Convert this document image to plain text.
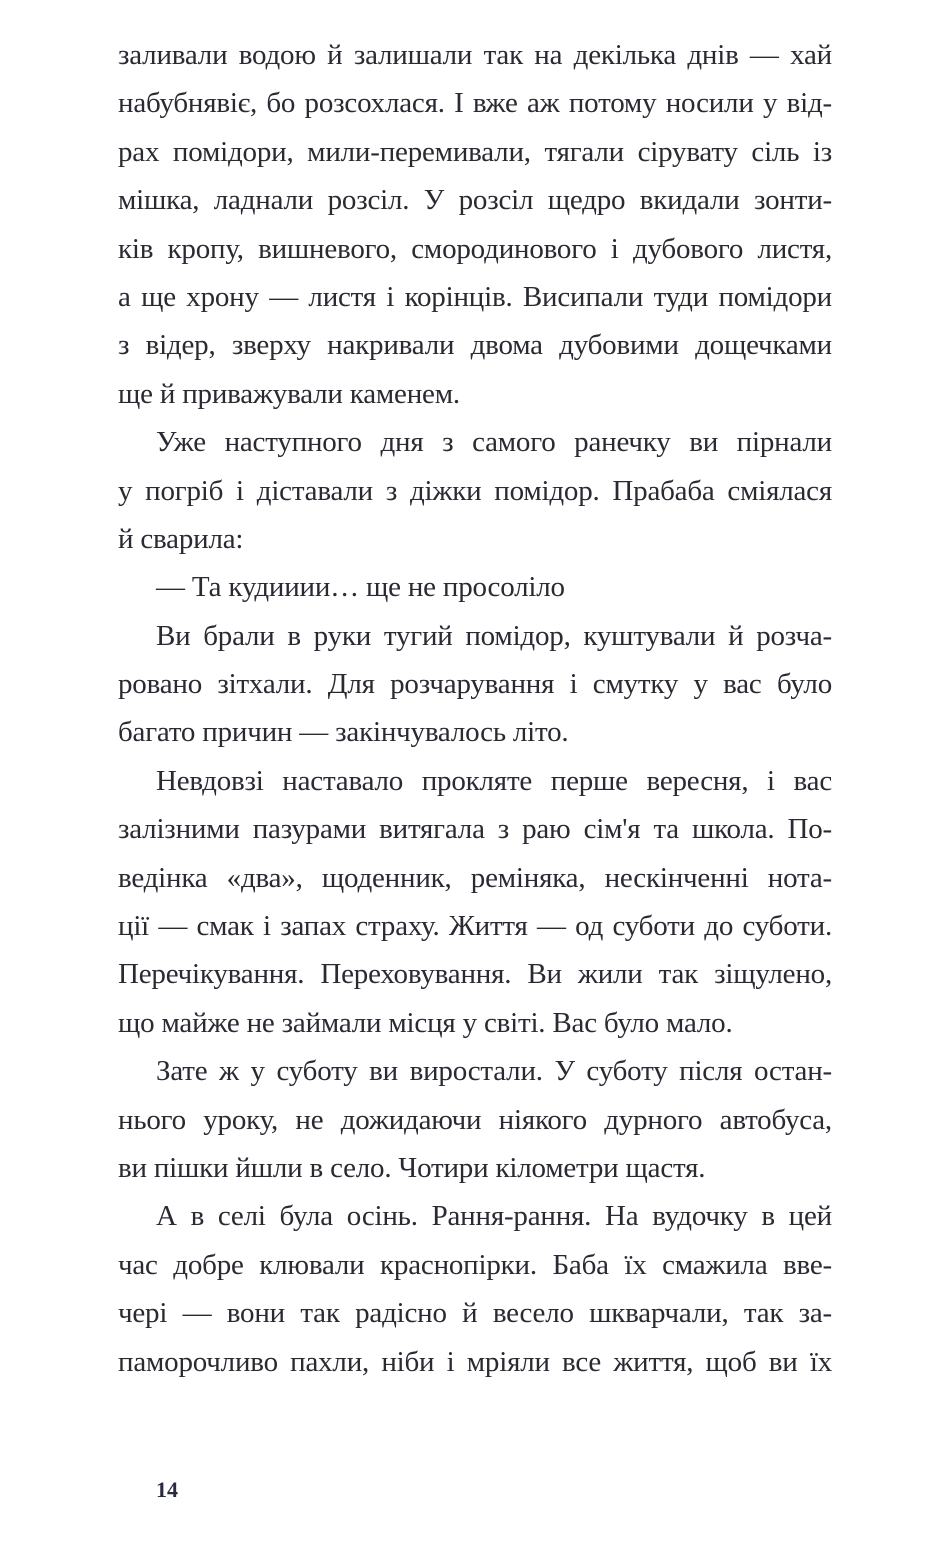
заливали водою й залишали так на декілька днів — хай
набубнявіє, бо розсохлася. І вже аж потому носили у від-
рах помідори, мили-перемивали, тягали сірувату сіль із
мішка, ладнали розсіл. У розсіл щедро вкидали зонти-
ків кропу, вишневого, смородинового і дубового листя,
а ще хрону — листя і корінців. Висипали туди помідори
з відер, зверху накривали двома дубовими дощечками
ще й приважували каменем.
Уже наступного дня з самого ранечку ви пірнали
у погріб і діставали з діжки помідор. Прабаба сміялася
й сварила:
— Та кудииии… ще не просоліло
Ви брали в руки тугий помідор, куштували й розча-
ровано зітхали. Для розчарування і смутку у вас було
багато причин — закінчувалось літо.
Невдовзі наставало прокляте перше вересня, і вас
залізними пазурами витягала з раю сім'я та школа. По-
ведінка «два», щоденник, реміняка, нескінченні нота-
ції — смак і запах страху. Життя — од суботи до суботи.
Перечікування. Переховування. Ви жили так зіщулено,
що майже не займали місця у світі. Вас було мало.
Зате ж у суботу ви виростали. У суботу після остан-
нього уроку, не дожидаючи ніякого дурного автобуса,
ви пішки йшли в село. Чотири кілометри щастя.
А в селі була осінь. Рання-рання. На вудочку в цей
час добре клювали краснопірки. Баба їх смажила вве-
чері — вони так радісно й весело шкварчали, так за-
паморочливо пахли, ніби і мріяли все життя, щоб ви їх
14
